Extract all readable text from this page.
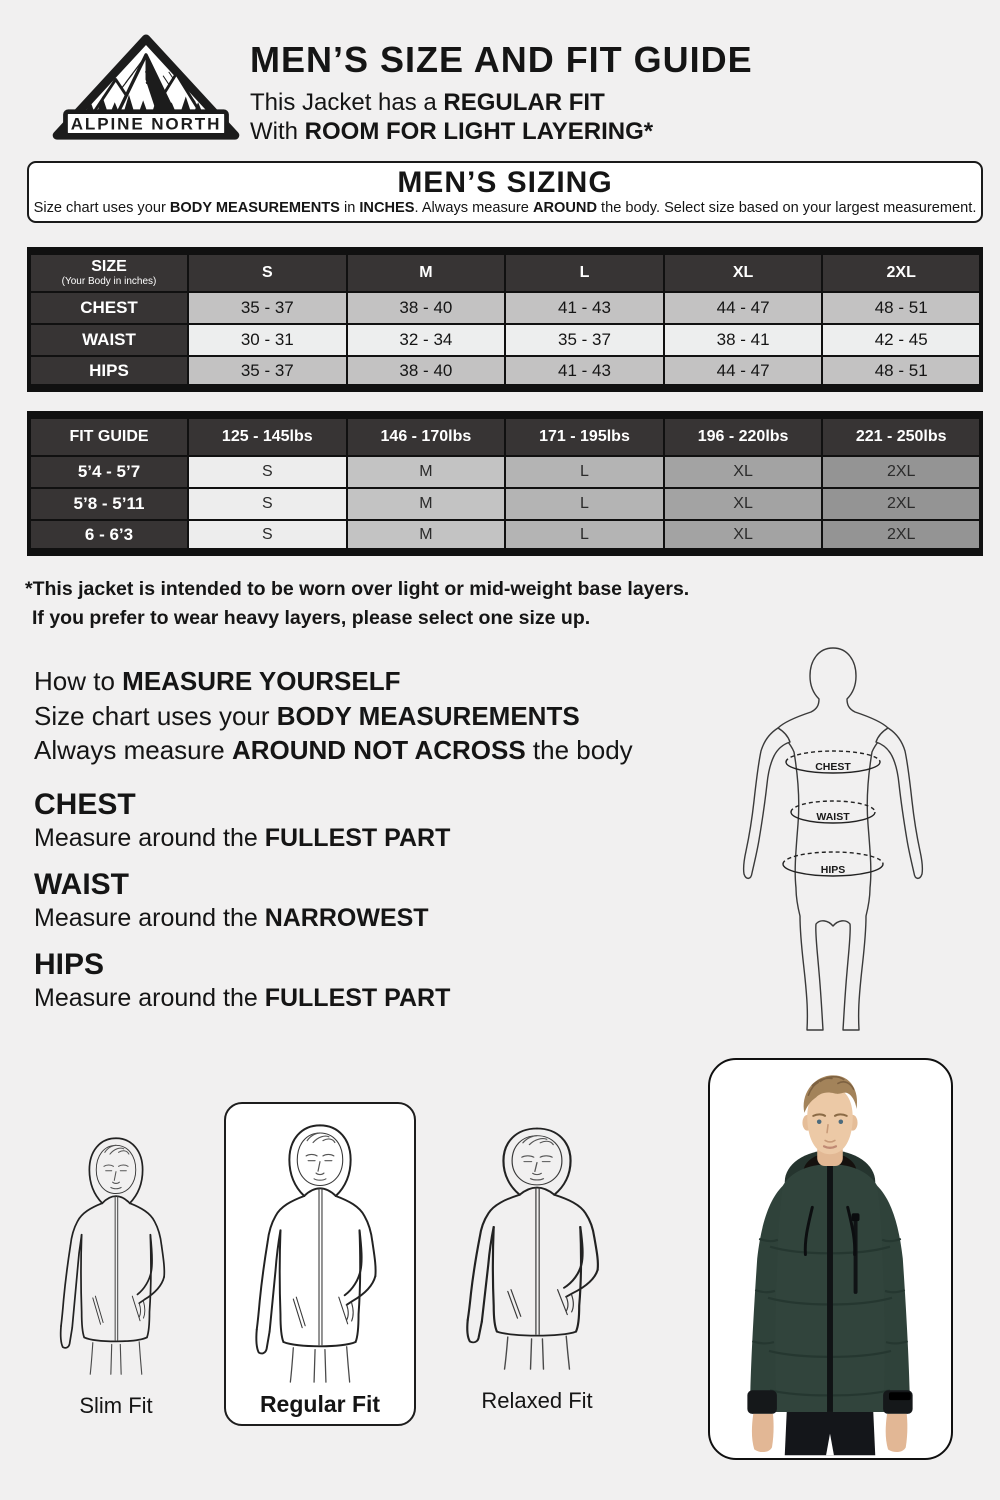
ALPINE NORTH
MEN’S SIZE AND FIT GUIDE
This Jacket has a REGULAR FIT
With ROOM FOR LIGHT LAYERING*
MEN’S SIZING
Size chart uses your BODY MEASUREMENTS in INCHES. Always measure AROUND the body. Select size based on your largest measurement.
SIZE
(Your Body in inches)	S	M	L	XL	2XL
CHEST	35 - 37	38 - 40	41 - 43	44 - 47	48 - 51
WAIST	30 - 31	32 - 34	35 - 37	38 - 41	42 - 45
HIPS	35 - 37	38 - 40	41 - 43	44 - 47	48 - 51
FIT GUIDE	125 - 145lbs	146 - 170lbs	171 - 195lbs	196 - 220lbs	221 - 250lbs
5’4 - 5’7	S	M	L	XL	2XL
5’8 - 5’11	S	M	L	XL	2XL
6 - 6’3	S	M	L	XL	2XL
*This jacket is intended to be worn over light or mid-weight base layers.
If you prefer to wear heavy layers, please select one size up.
How to MEASURE YOURSELF
Size chart uses your BODY MEASUREMENTS
Always measure AROUND NOT ACROSS the body
CHEST

Measure around the FULLEST PART

WAIST

Measure around the NARROWEST

HIPS

Measure around the FULLEST PART

CHEST
WAIST
HIPS
Slim Fit	Regular Fit	Relaxed Fit
